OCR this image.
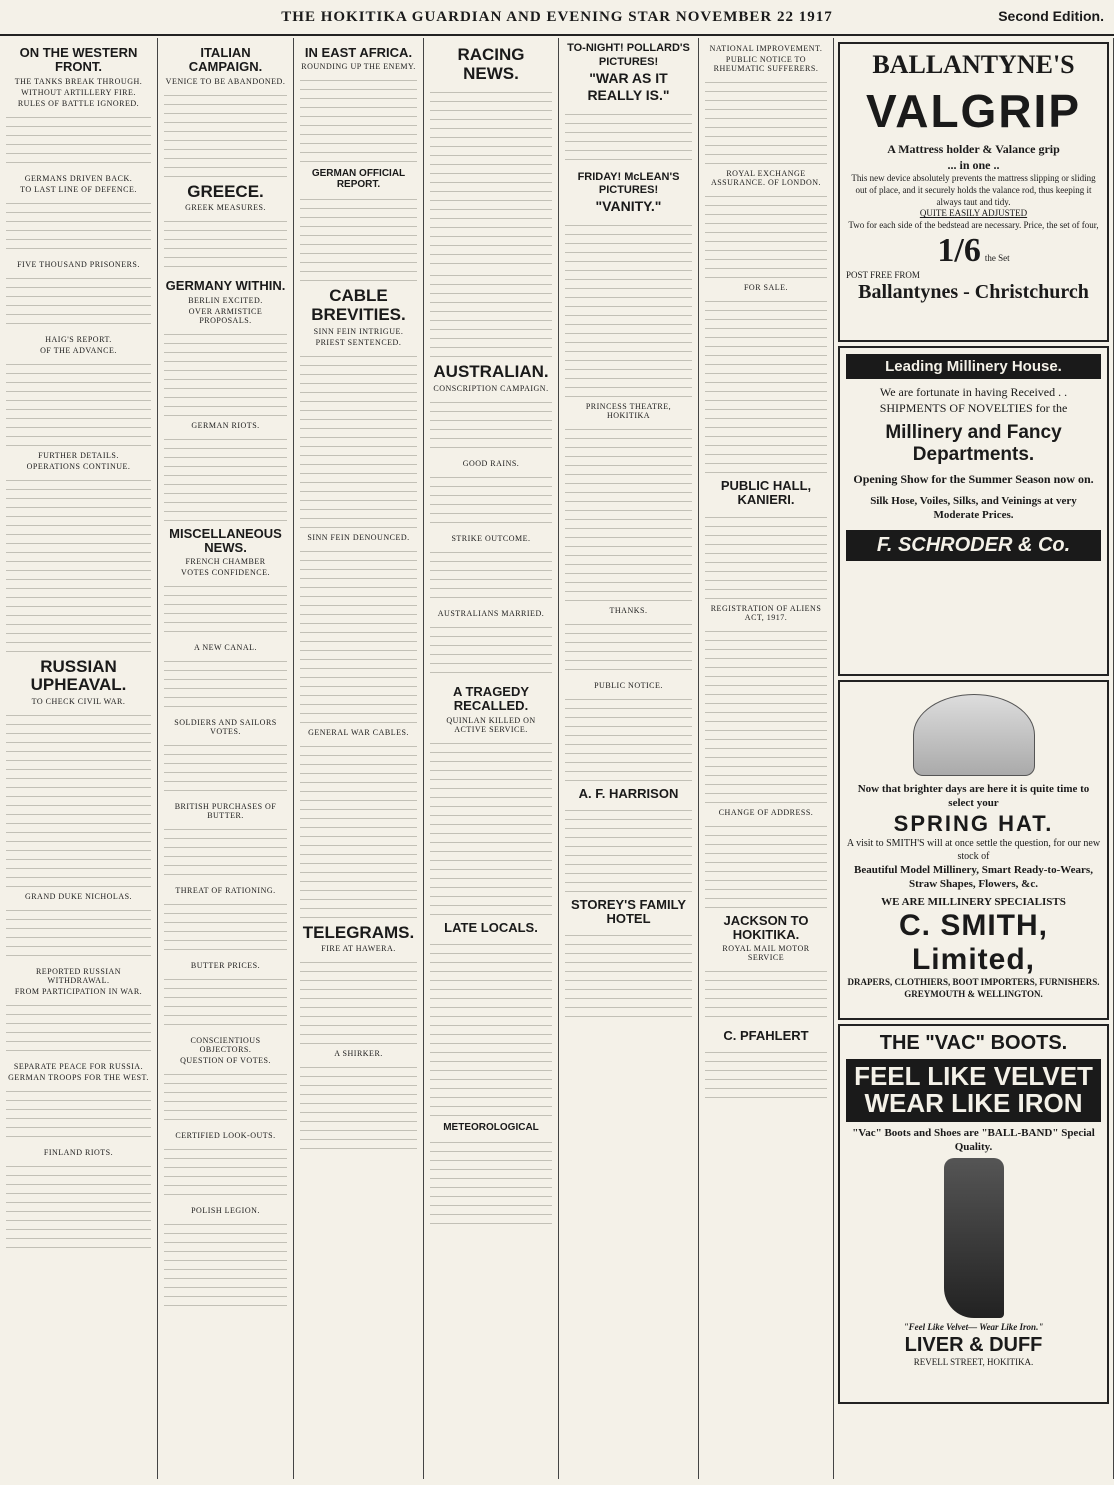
THE HOKITIKA GUARDIAN AND EVENING STAR NOVEMBER 22 1917	Second Edition.
ON THE WESTERN FRONT.
THE TANKS BREAK THROUGH.
WITHOUT ARTILLERY FIRE.
RULES OF BATTLE IGNORED.
GERMANS DRIVEN BACK.
TO LAST LINE OF DEFENCE.
FIVE THOUSAND PRISONERS.
HAIG'S REPORT.
OF THE ADVANCE.
FURTHER DETAILS.
OPERATIONS CONTINUE.
RUSSIAN UPHEAVAL.
TO CHECK CIVIL WAR.
GRAND DUKE NICHOLAS.
REPORTED RUSSIAN WITHDRAWAL.
FROM PARTICIPATION IN WAR.
SEPARATE PEACE FOR RUSSIA.
GERMAN TROOPS FOR THE WEST.
FINLAND RIOTS.
ITALIAN CAMPAIGN.
VENICE TO BE ABANDONED.
GREECE.
GREEK MEASURES.
GERMANY WITHIN.
BERLIN EXCITED.
OVER ARMISTICE PROPOSALS.
GERMAN RIOTS.
MISCELLANEOUS NEWS.
FRENCH CHAMBER
VOTES CONFIDENCE.
A NEW CANAL.
SOLDIERS AND SAILORS VOTES.
BRITISH PURCHASES OF BUTTER.
THREAT OF RATIONING.
BUTTER PRICES.
CONSCIENTIOUS OBJECTORS.
QUESTION OF VOTES.
CERTIFIED LOOK-OUTS.
POLISH LEGION.
IN EAST AFRICA.
ROUNDING UP THE ENEMY.
GERMAN OFFICIAL REPORT.
CABLE BREVITIES.
SINN FEIN INTRIGUE.
PRIEST SENTENCED.
SINN FEIN DENOUNCED.
GENERAL WAR CABLES.
TELEGRAMS.
FIRE AT HAWERA.
A SHIRKER.
RACING NEWS.
AUSTRALIAN.
CONSCRIPTION CAMPAIGN.
GOOD RAINS.
STRIKE OUTCOME.
AUSTRALIANS MARRIED.
A TRAGEDY RECALLED.
QUINLAN KILLED ON ACTIVE SERVICE.
LATE LOCALS.
METEOROLOGICAL
TO-NIGHT! POLLARD'S PICTURES!
"WAR AS IT REALLY IS."
FRIDAY! McLEAN'S PICTURES!
"VANITY."
PRINCESS THEATRE, HOKITIKA
THANKS.
PUBLIC NOTICE.
A. F. HARRISON
STOREY'S FAMILY HOTEL
NATIONAL IMPROVEMENT.
PUBLIC NOTICE TO RHEUMATIC SUFFERERS.
ROYAL EXCHANGE ASSURANCE. OF LONDON.
FOR SALE.
PUBLIC HALL, KANIERI.
REGISTRATION OF ALIENS ACT, 1917.
CHANGE OF ADDRESS.
JACKSON TO HOKITIKA.
ROYAL MAIL MOTOR SERVICE
C. PFAHLERT
BALLANTYNE'S
VALGRIP
A Mattress holder & Valance grip
... in one ..
This new device absolutely prevents the mattress slipping or sliding out of place, and it securely holds the valance rod, thus keeping it always taut and tidy.
QUITE EASILY ADJUSTED
Two for each side of the bedstead are necessary. Price, the set of four,
1/6 the Set
POST FREE FROM
Ballantynes - Christchurch
Leading Millinery House.
We are fortunate in having Received . .
SHIPMENTS OF NOVELTIES for the
Millinery and Fancy Departments.
Opening Show for the Summer Season now on.
Silk Hose, Voiles, Silks, and Veinings at very Moderate Prices.
F. SCHRODER & Co.
Now that brighter days are here it is quite time to select your
SPRING HAT.
A visit to SMITH'S will at once settle the question, for our new stock of
Beautiful Model Millinery, Smart Ready-to-Wears, Straw Shapes, Flowers, &c.
WE ARE MILLINERY SPECIALISTS
C. SMITH, Limited,
DRAPERS, CLOTHIERS, BOOT IMPORTERS, FURNISHERS. GREYMOUTH & WELLINGTON.
THE "VAC" BOOTS.
FEEL LIKE VELVET WEAR LIKE IRON
"Vac" Boots and Shoes are "BALL-BAND" Special Quality.
"Feel Like Velvet— Wear Like Iron."
LIVER & DUFF
REVELL STREET, HOKITIKA.
